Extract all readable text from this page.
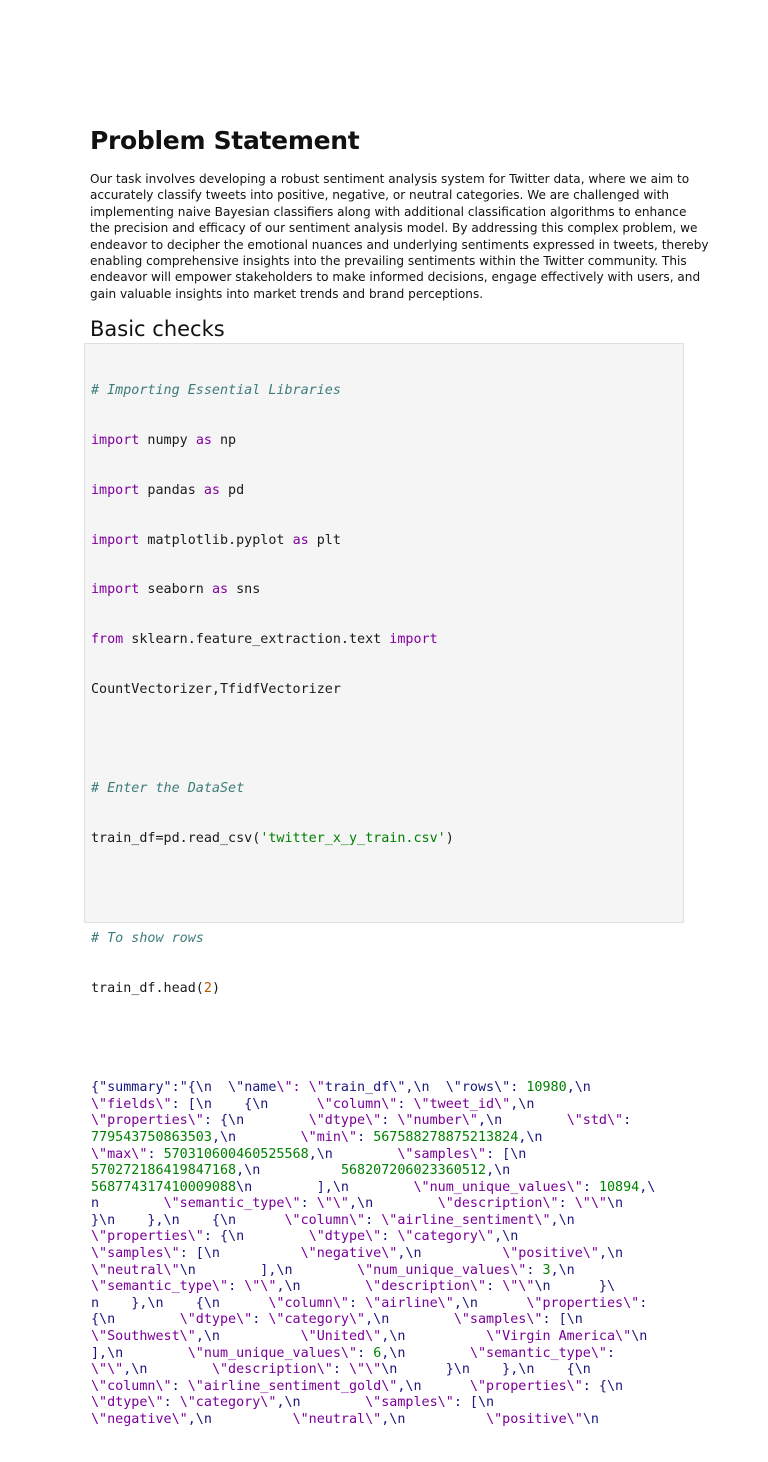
Problem Statement
Our task involves developing a robust sentiment analysis system for Twitter data, where we aim to
accurately classify tweets into positive, negative, or neutral categories. We are challenged with
implementing naive Bayesian classifiers along with additional classification algorithms to enhance
the precision and efficacy of our sentiment analysis model. By addressing this complex problem, we
endeavor to decipher the emotional nuances and underlying sentiments expressed in tweets, thereby
enabling comprehensive insights into the prevailing sentiments within the Twitter community. This
endeavor will empower stakeholders to make informed decisions, engage effectively with users, and
gain valuable insights into market trends and brand perceptions.
Basic checks

# Importing Essential Libraries

import numpy as np

import pandas as pd

import matplotlib.pyplot as plt

import seaborn as sns

from sklearn.feature_extraction.text import

CountVectorizer,TfidfVectorizer

# Enter the DataSet

train_df=pd.read_csv('twitter_x_y_train.csv')

# To show rows

train_df.head(2)

{"summary":"{\n  \"name\": \"train_df\",\n  \"rows\": 10980,\n
\"fields\": [\n    {\n      \"column\": \"tweet_id\",\n
\"properties\": {\n        \"dtype\": \"number\",\n        \"std\":
779543750863503,\n        \"min\": 567588278875213824,\n
\"max\": 570310600460525568,\n        \"samples\": [\n
570272186419847168,\n          568207206023360512,\n
568774317410009088\n        ],\n        \"num_unique_values\": 10894,\
n        \"semantic_type\": \"\",\n        \"description\": \"\"\n
}\n    },\n    {\n      \"column\": \"airline_sentiment\",\n
\"properties\": {\n        \"dtype\": \"category\",\n
\"samples\": [\n          \"negative\",\n          \"positive\",\n
\"neutral\"\n        ],\n        \"num_unique_values\": 3,\n
\"semantic_type\": \"\",\n        \"description\": \"\"\n      }\
n    },\n    {\n      \"column\": \"airline\",\n      \"properties\":
{\n        \"dtype\": \"category\",\n        \"samples\": [\n
\"Southwest\",\n          \"United\",\n          \"Virgin America\"\n
],\n        \"num_unique_values\": 6,\n        \"semantic_type\":
\"\",\n        \"description\": \"\"\n      }\n    },\n    {\n
\"column\": \"airline_sentiment_gold\",\n      \"properties\": {\n
\"dtype\": \"category\",\n        \"samples\": [\n
\"negative\",\n          \"neutral\",\n          \"positive\"\n
